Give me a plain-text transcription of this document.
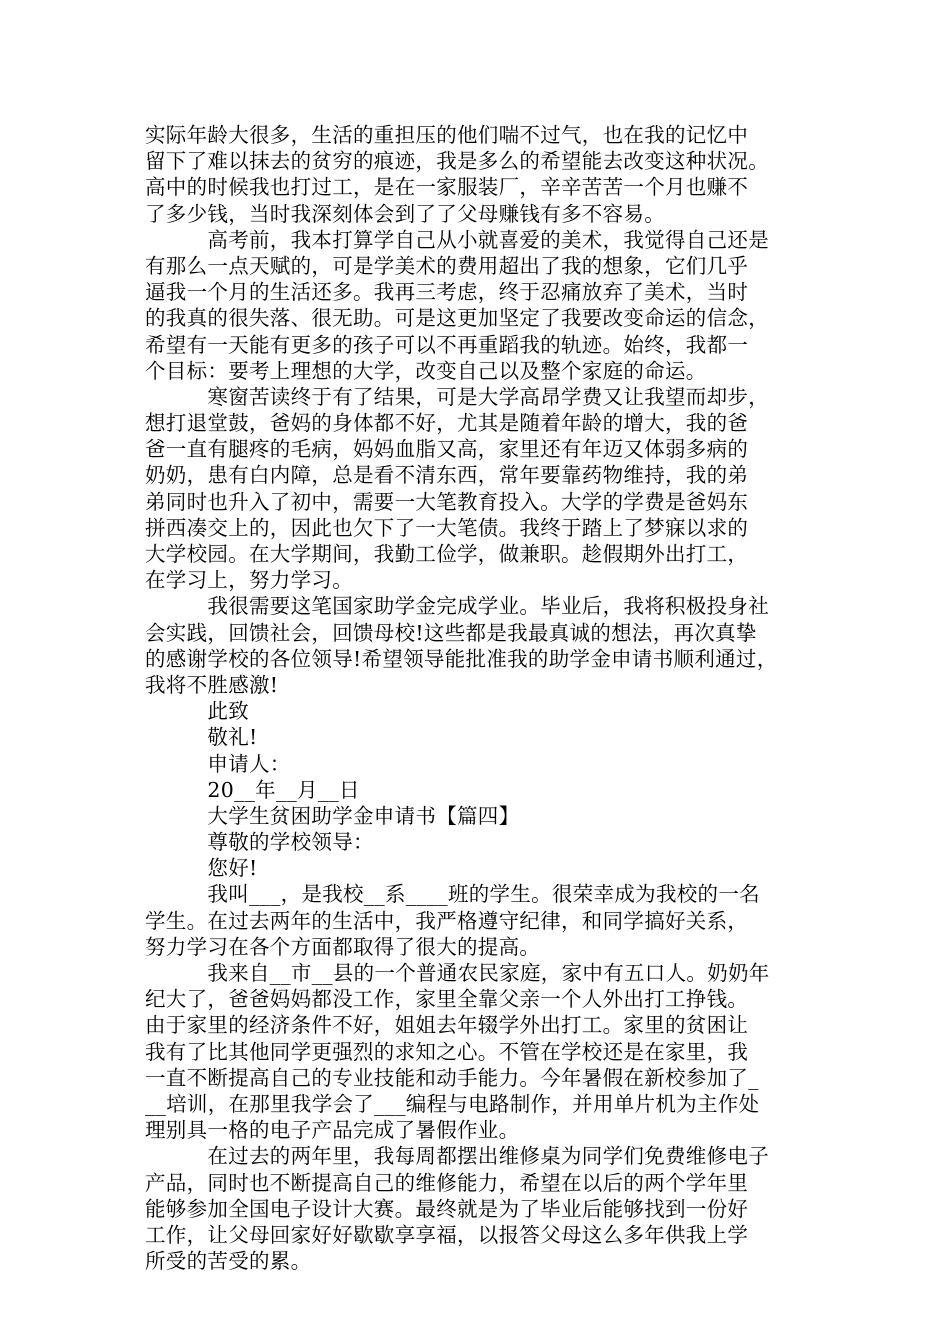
实际年龄大很多，生活的重担压的他们喘不过气，也在我的记忆中
留下了难以抹去的贫穷的痕迹，我是多么的希望能去改变这种状况。
高中的时候我也打过工，是在一家服装厂，辛辛苦苦一个月也赚不
了多少钱，当时我深刻体会到了了父母赚钱有多不容易。
　　　高考前，我本打算学自己从小就喜爱的美术，我觉得自己还是
有那么一点天赋的，可是学美术的费用超出了我的想象，它们几乎
逼我一个月的生活还多。我再三考虑，终于忍痛放弃了美术，当时
的我真的很失落、很无助。可是这更加坚定了我要改变命运的信念，
希望有一天能有更多的孩子可以不再重蹈我的轨迹。始终，我都一
个目标：要考上理想的大学，改变自己以及整个家庭的命运。
　　　寒窗苦读终于有了结果，可是大学高昂学费又让我望而却步，
想打退堂鼓，爸妈的身体都不好，尤其是随着年龄的增大，我的爸
爸一直有腿疼的毛病，妈妈血脂又高，家里还有年迈又体弱多病的
奶奶，患有白内障，总是看不清东西，常年要靠药物维持，我的弟
弟同时也升入了初中，需要一大笔教育投入。大学的学费是爸妈东
拼西凑交上的，因此也欠下了一大笔债。我终于踏上了梦寐以求的
大学校园。在大学期间，我勤工俭学，做兼职。趁假期外出打工，
在学习上，努力学习。
　　　我很需要这笔国家助学金完成学业。毕业后，我将积极投身社
会实践，回馈社会，回馈母校!这些都是我最真诚的想法，再次真挚
的感谢学校的各位领导!希望领导能批准我的助学金申请书顺利通过，
我将不胜感激!
　　　此致
　　　敬礼!
　　　申请人：
　　　20__年__月__日
　　　大学生贫困助学金申请书【篇四】
　　　尊敬的学校领导：
　　　您好!
　　　我叫___，是我校__系____班的学生。很荣幸成为我校的一名
学生。在过去两年的生活中，我严格遵守纪律，和同学搞好关系，
努力学习在各个方面都取得了很大的提高。
　　　我来自__市__县的一个普通农民家庭，家中有五口人。奶奶年
纪大了，爸爸妈妈都没工作，家里全靠父亲一个人外出打工挣钱。
由于家里的经济条件不好，姐姐去年辍学外出打工。家里的贫困让
我有了比其他同学更强烈的求知之心。不管在学校还是在家里，我
一直不断提高自己的专业技能和动手能力。今年暑假在新校参加了_
__培训，在那里我学会了___编程与电路制作，并用单片机为主作处
理别具一格的电子产品完成了暑假作业。
　　　在过去的两年里，我每周都摆出维修桌为同学们免费维修电子
产品，同时也不断提高自己的维修能力，希望在以后的两个学年里
能够参加全国电子设计大赛。最终就是为了毕业后能够找到一份好
工作，让父母回家好好歇歇享享福，以报答父母这么多年供我上学
所受的苦受的累。
